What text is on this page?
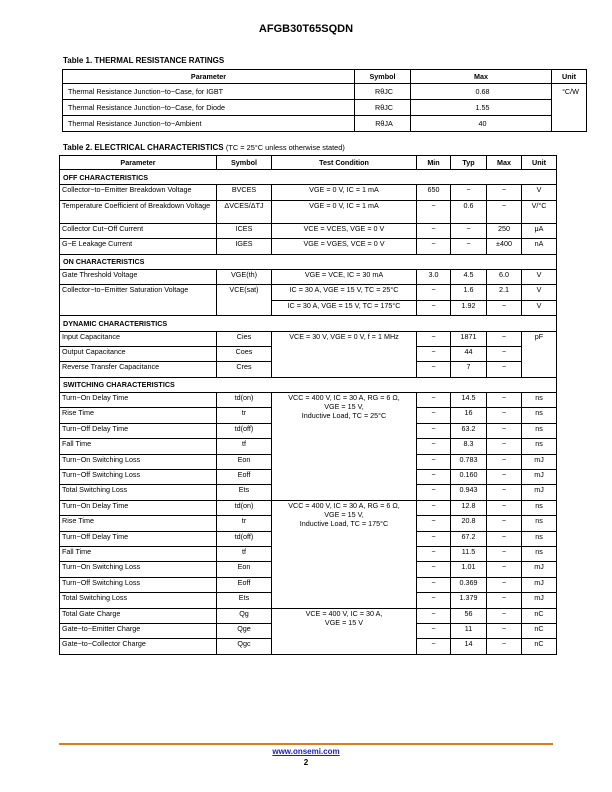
AFGB30T65SQDN
Table 1. THERMAL RESISTANCE RATINGS
Parameter	Symbol	Max	Unit
Thermal Resistance Junction−to−Case, for IGBT	RθJC	0.68	°C/W
Thermal Resistance Junction−to−Case, for Diode	RθJC	1.55	
Thermal Resistance Junction−to−Ambient	RθJA	40	
Table 2. ELECTRICAL CHARACTERISTICS (TC = 25°C unless otherwise stated)
Parameter	Symbol	Test Condition	Min	Typ	Max	Unit
OFF CHARACTERISTICS						
Collector−to−Emitter Breakdown Voltage	BVCES	VGE = 0 V, IC = 1 mA	650	−	−	V
Temperature Coefficient of Breakdown Voltage	ΔVCES/ΔTJ	VGE = 0 V, IC = 1 mA	−	0.6	−	V/°C
Collector Cut−Off Current	ICES	VCE = VCES, VGE = 0 V	−	−	250	μA
G−E Leakage Current	IGES	VGE = VGES, VCE = 0 V	−	−	±400	nA
ON CHARACTERISTICS						
Gate Threshold Voltage	VGE(th)	VGE = VCE, IC = 30 mA	3.0	4.5	6.0	V
Collector−to−Emitter Saturation Voltage	VCE(sat)	IC = 30 A, VGE = 15 V, TC = 25°C	−	1.6	2.1	V
		IC = 30 A, VGE = 15 V, TC = 175°C	−	1.92	−	V
DYNAMIC CHARACTERISTICS						
Input Capacitance	Cies	VCE = 30 V, VGE = 0 V, f = 1 MHz	−	1871	−	pF
Output Capacitance	Coes		−	44	−	
Reverse Transfer Capacitance	Cres		−	7	−	
SWITCHING CHARACTERISTICS						
Turn−On Delay Time	td(on)	VCC = 400 V, IC = 30 A, RG = 6 Ω,
VGE = 15 V,
Inductive Load, TC = 25°C	−	14.5	−	ns
Rise Time	tr		−	16	−	ns
Turn−Off Delay Time	td(off)		−	63.2	−	ns
Fall Time	tf		−	8.3	−	ns
Turn−On Switching Loss	Eon		−	0.783	−	mJ
Turn−Off Switching Loss	Eoff		−	0.160	−	mJ
Total Switching Loss	Ets		−	0.943	−	mJ
Turn−On Delay Time	td(on)	VCC = 400 V, IC = 30 A, RG = 6 Ω,
VGE = 15 V,
Inductive Load, TC = 175°C	−	12.8	−	ns
Rise Time	tr		−	20.8	−	ns
Turn−Off Delay Time	td(off)		−	67.2	−	ns
Fall Time	tf		−	11.5	−	ns
Turn−On Switching Loss	Eon		−	1.01	−	mJ
Turn−Off Switching Loss	Eoff		−	0.369	−	mJ
Total Switching Loss	Ets		−	1.379	−	mJ
Total Gate Charge	Qg	VCE = 400 V, IC = 30 A,
VGE = 15 V	−	56	−	nC
Gate−to−Emitter Charge	Qge		−	11	−	nC
Gate−to−Collector Charge	Qgc		−	14	−	nC
www.onsemi.com
2
